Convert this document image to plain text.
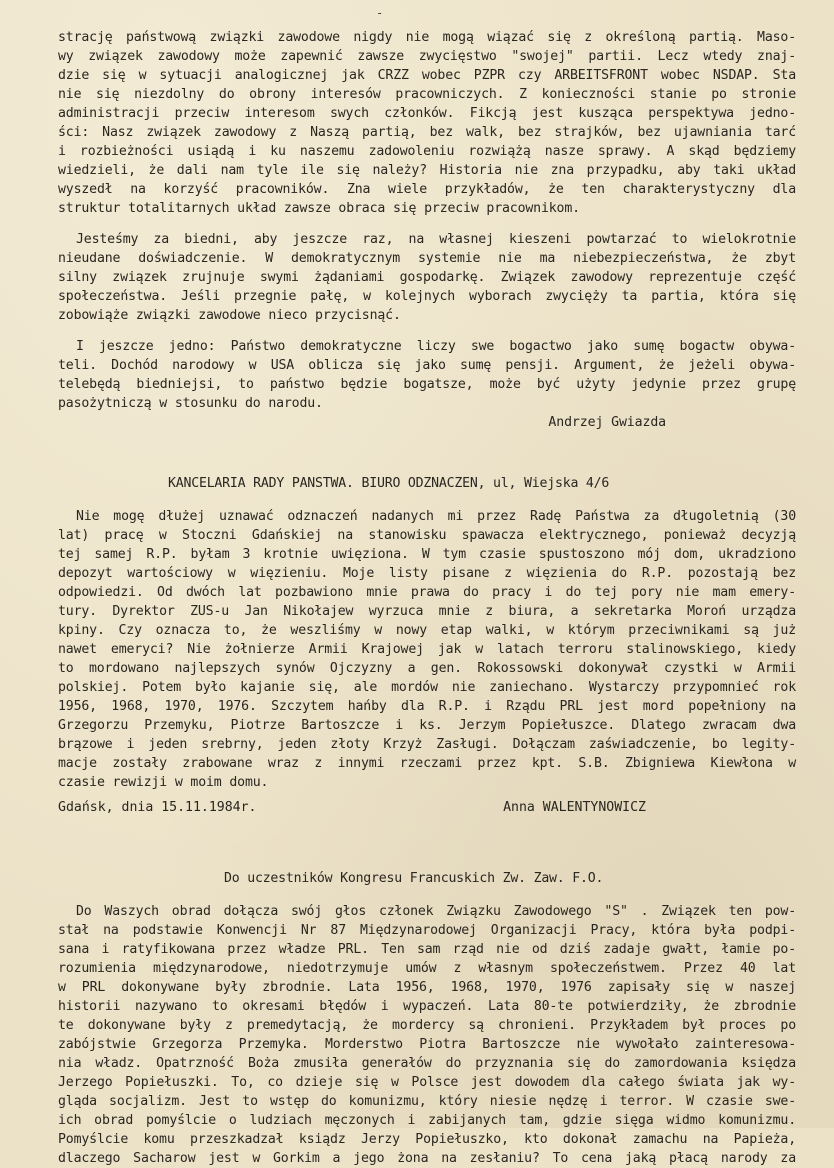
-

strację państwową związki zawodowe nigdy nie mogą wiązać się z określoną partią. Maso-
wy związek zawodowy może zapewnić zawsze zwycięstwo "swojej" partii. Lecz wtedy znaj-
dzie się w sytuacji analogicznej jak CRZZ wobec PZPR czy ARBEITSFRONT wobec NSDAP. Sta
nie się niezdolny do obrony interesów pracowniczych. Z konieczności stanie po stronie
administracji przeciw interesom swych członków. Fikcją jest kusząca perspektywa jedno-
ści: Nasz związek zawodowy z Naszą partią, bez walk, bez strajków, bez ujawniania tarć
i rozbieżności usiądą i ku naszemu zadowoleniu rozwiążą nasze sprawy. A skąd będziemy
wiedzieli, że dali nam tyle ile się należy? Historia nie zna przypadku, aby taki układ
wyszedł na korzyść pracowników. Zna wiele przykładów, że ten charakterystyczny dla
struktur totalitarnych układ zawsze obraca się przeciw pracownikom.

Jesteśmy za biedni, aby jeszcze raz, na własnej kieszeni powtarzać to wielokrotnie
nieudane doświadczenie. W demokratycznym systemie nie ma niebezpieczeństwa, że zbyt
silny związek zrujnuje swymi żądaniami gospodarkę. Związek zawodowy reprezentuje część
społeczeństwa. Jeśli przegnie pałę, w kolejnych wyborach zwycięży ta partia, która się
zobowiąże związki zawodowe nieco przycisnąć.

I jeszcze jedno: Państwo demokratyczne liczy swe bogactwo jako sumę bogactw obywa-
teli. Dochód narodowy w USA oblicza się jako sumę pensji. Argument, że jeżeli obywa-
telebędą biedniejsi, to państwo będzie bogatsze, może być użyty jedynie przez grupę
pasożytniczą w stosunku do narodu.

Andrzej Gwiazda

KANCELARIA RADY PANSTWA. BIURO ODZNACZEN, ul, Wiejska 4/6

Nie mogę dłużej uznawać odznaczeń nadanych mi przez Radę Państwa za długoletnią (30
lat) pracę w Stoczni Gdańskiej na stanowisku spawacza elektrycznego, ponieważ decyzją
tej samej R.P. byłam 3 krotnie uwięziona. W tym czasie spustoszono mój dom, ukradziono
depozyt wartościowy w więzieniu. Moje listy pisane z więzienia do R.P. pozostają bez
odpowiedzi. Od dwóch lat pozbawiono mnie prawa do pracy i do tej pory nie mam emery-
tury. Dyrektor ZUS-u Jan Nikołajew wyrzuca mnie z biura, a sekretarka Moroń urządza
kpiny. Czy oznacza to, że weszliśmy w nowy etap walki, w którym przeciwnikami są już
nawet emeryci? Nie żołnierze Armii Krajowej jak w latach terroru stalinowskiego, kiedy
to mordowano najlepszych synów Ojczyzny a gen. Rokossowski dokonywał czystki w Armii
polskiej. Potem było kajanie się, ale mordów nie zaniechano. Wystarczy przypomnieć rok
1956, 1968, 1970, 1976. Szczytem hańby dla R.P. i Rządu PRL jest mord popełniony na
Grzegorzu Przemyku, Piotrze Bartoszcze i ks. Jerzym Popiełuszce. Dlatego zwracam dwa
brązowe i jeden srebrny, jeden złoty Krzyż Zasługi. Dołączam zaświadczenie, bo legity-
macje zostały zrabowane wraz z innymi rzeczami przez kpt. S.B. Zbigniewa Kiewłona w
czasie rewizji w moim domu.

Gdańsk, dnia 15.11.1984r.	Anna WALENTYNOWICZ

Do uczestników Kongresu Francuskich Zw. Zaw. F.O.

Do Waszych obrad dołącza swój głos członek Związku Zawodowego "S" . Związek ten pow-
stał na podstawie Konwencji Nr 87 Międzynarodowej Organizacji Pracy, która była podpi-
sana i ratyfikowana przez władze PRL. Ten sam rząd nie od dziś zadaje gwałt, łamie po-
rozumienia międzynarodowe, niedotrzymuje umów z własnym społeczeństwem. Przez 40 lat
w PRL dokonywane były zbrodnie. Lata 1956, 1968, 1970, 1976 zapisały się w naszej
historii nazywano to okresami błędów i wypaczeń. Lata 80-te potwierdziły, że zbrodnie
te dokonywane były z premedytacją, że mordercy są chronieni. Przykładem był proces po
zabójstwie Grzegorza Przemyka. Morderstwo Piotra Bartoszcze nie wywołało zainteresowa-
nia władz. Opatrzność Boża zmusiła generałów do przyznania się do zamordowania księdza
Jerzego Popiełuszki. To, co dzieje się w Polsce jest dowodem dla całego świata jak wy-
gląda socjalizm. Jest to wstęp do komunizmu, który niesie nędzę i terror. W czasie swe-
ich obrad pomyślcie o ludziach męczonych i zabijanych tam, gdzie sięga widmo komunizmu.
Pomyślcie komu przeszkadzał ksiądz Jerzy Popiełuszko, kto dokonał zamachu na Papieża,
dlaczego Sacharow jest w Gorkim a jego żona na zesłaniu? To cena jaką płacą narody za
